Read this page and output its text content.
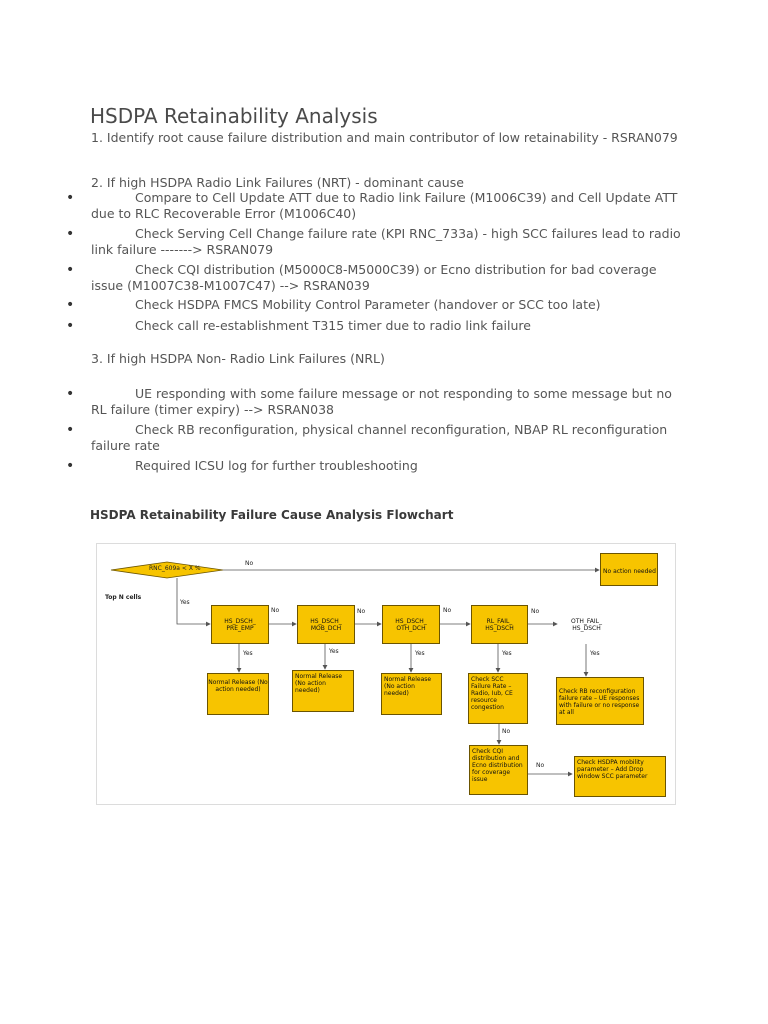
HSDPA Retainability Analysis
1. Identify root cause failure distribution and main contributor of low retainability - RSRAN079
2. If high HSDPA Radio Link Failures (NRT) - dominant cause
•	Compare to Cell Update ATT due to Radio link Failure (M1006C39) and Cell Update ATT due to RLC Recoverable Error (M1006C40)
•	Check Serving Cell Change failure rate (KPI RNC_733a) - high SCC failures lead to radio link failure -------> RSRAN079
•	Check CQI distribution (M5000C8-M5000C39) or Ecno distribution for bad coverage issue (M1007C38-M1007C47) --> RSRAN039
•	Check HSDPA FMCS Mobility Control Parameter (handover or SCC too late)
•	Check call re-establishment T315 timer due to radio link failure
3. If high HSDPA Non- Radio Link Failures (NRL)
•	UE responding with some failure message or not responding to some message but no RL failure (timer expiry) --> RSRAN038
•	Check RB reconfiguration, physical channel reconfiguration, NBAP RL reconfiguration failure rate
•	Required ICSU log for further troubleshooting
HSDPA Retainability Failure Cause Analysis Flowchart
RNC_609a < X %
No
No action needed
Top N cells
Yes
HS_DSCH_ PRE_EMP
HS_DSCH_ MOB_DCH
HS_DSCH_ OTH_DCH
RL_FAIL_ HS_DSCH
OTH_FAIL_ HS_DSCH
No	No	No	No
Yes	Yes	Yes	Yes	Yes
Normal Release (No action needed)
Normal Release (No action needed)
Normal Release (No action needed)
Check SCC Failure Rate – Radio, Iub, CE resource congestion
Check RB reconfiguration failure rate – UE responses with failure or no response at all
No
Check CQI distribution and Ecno distribution for coverage issue
No	Check HSDPA mobility parameter – Add Drop window SCC parameter
